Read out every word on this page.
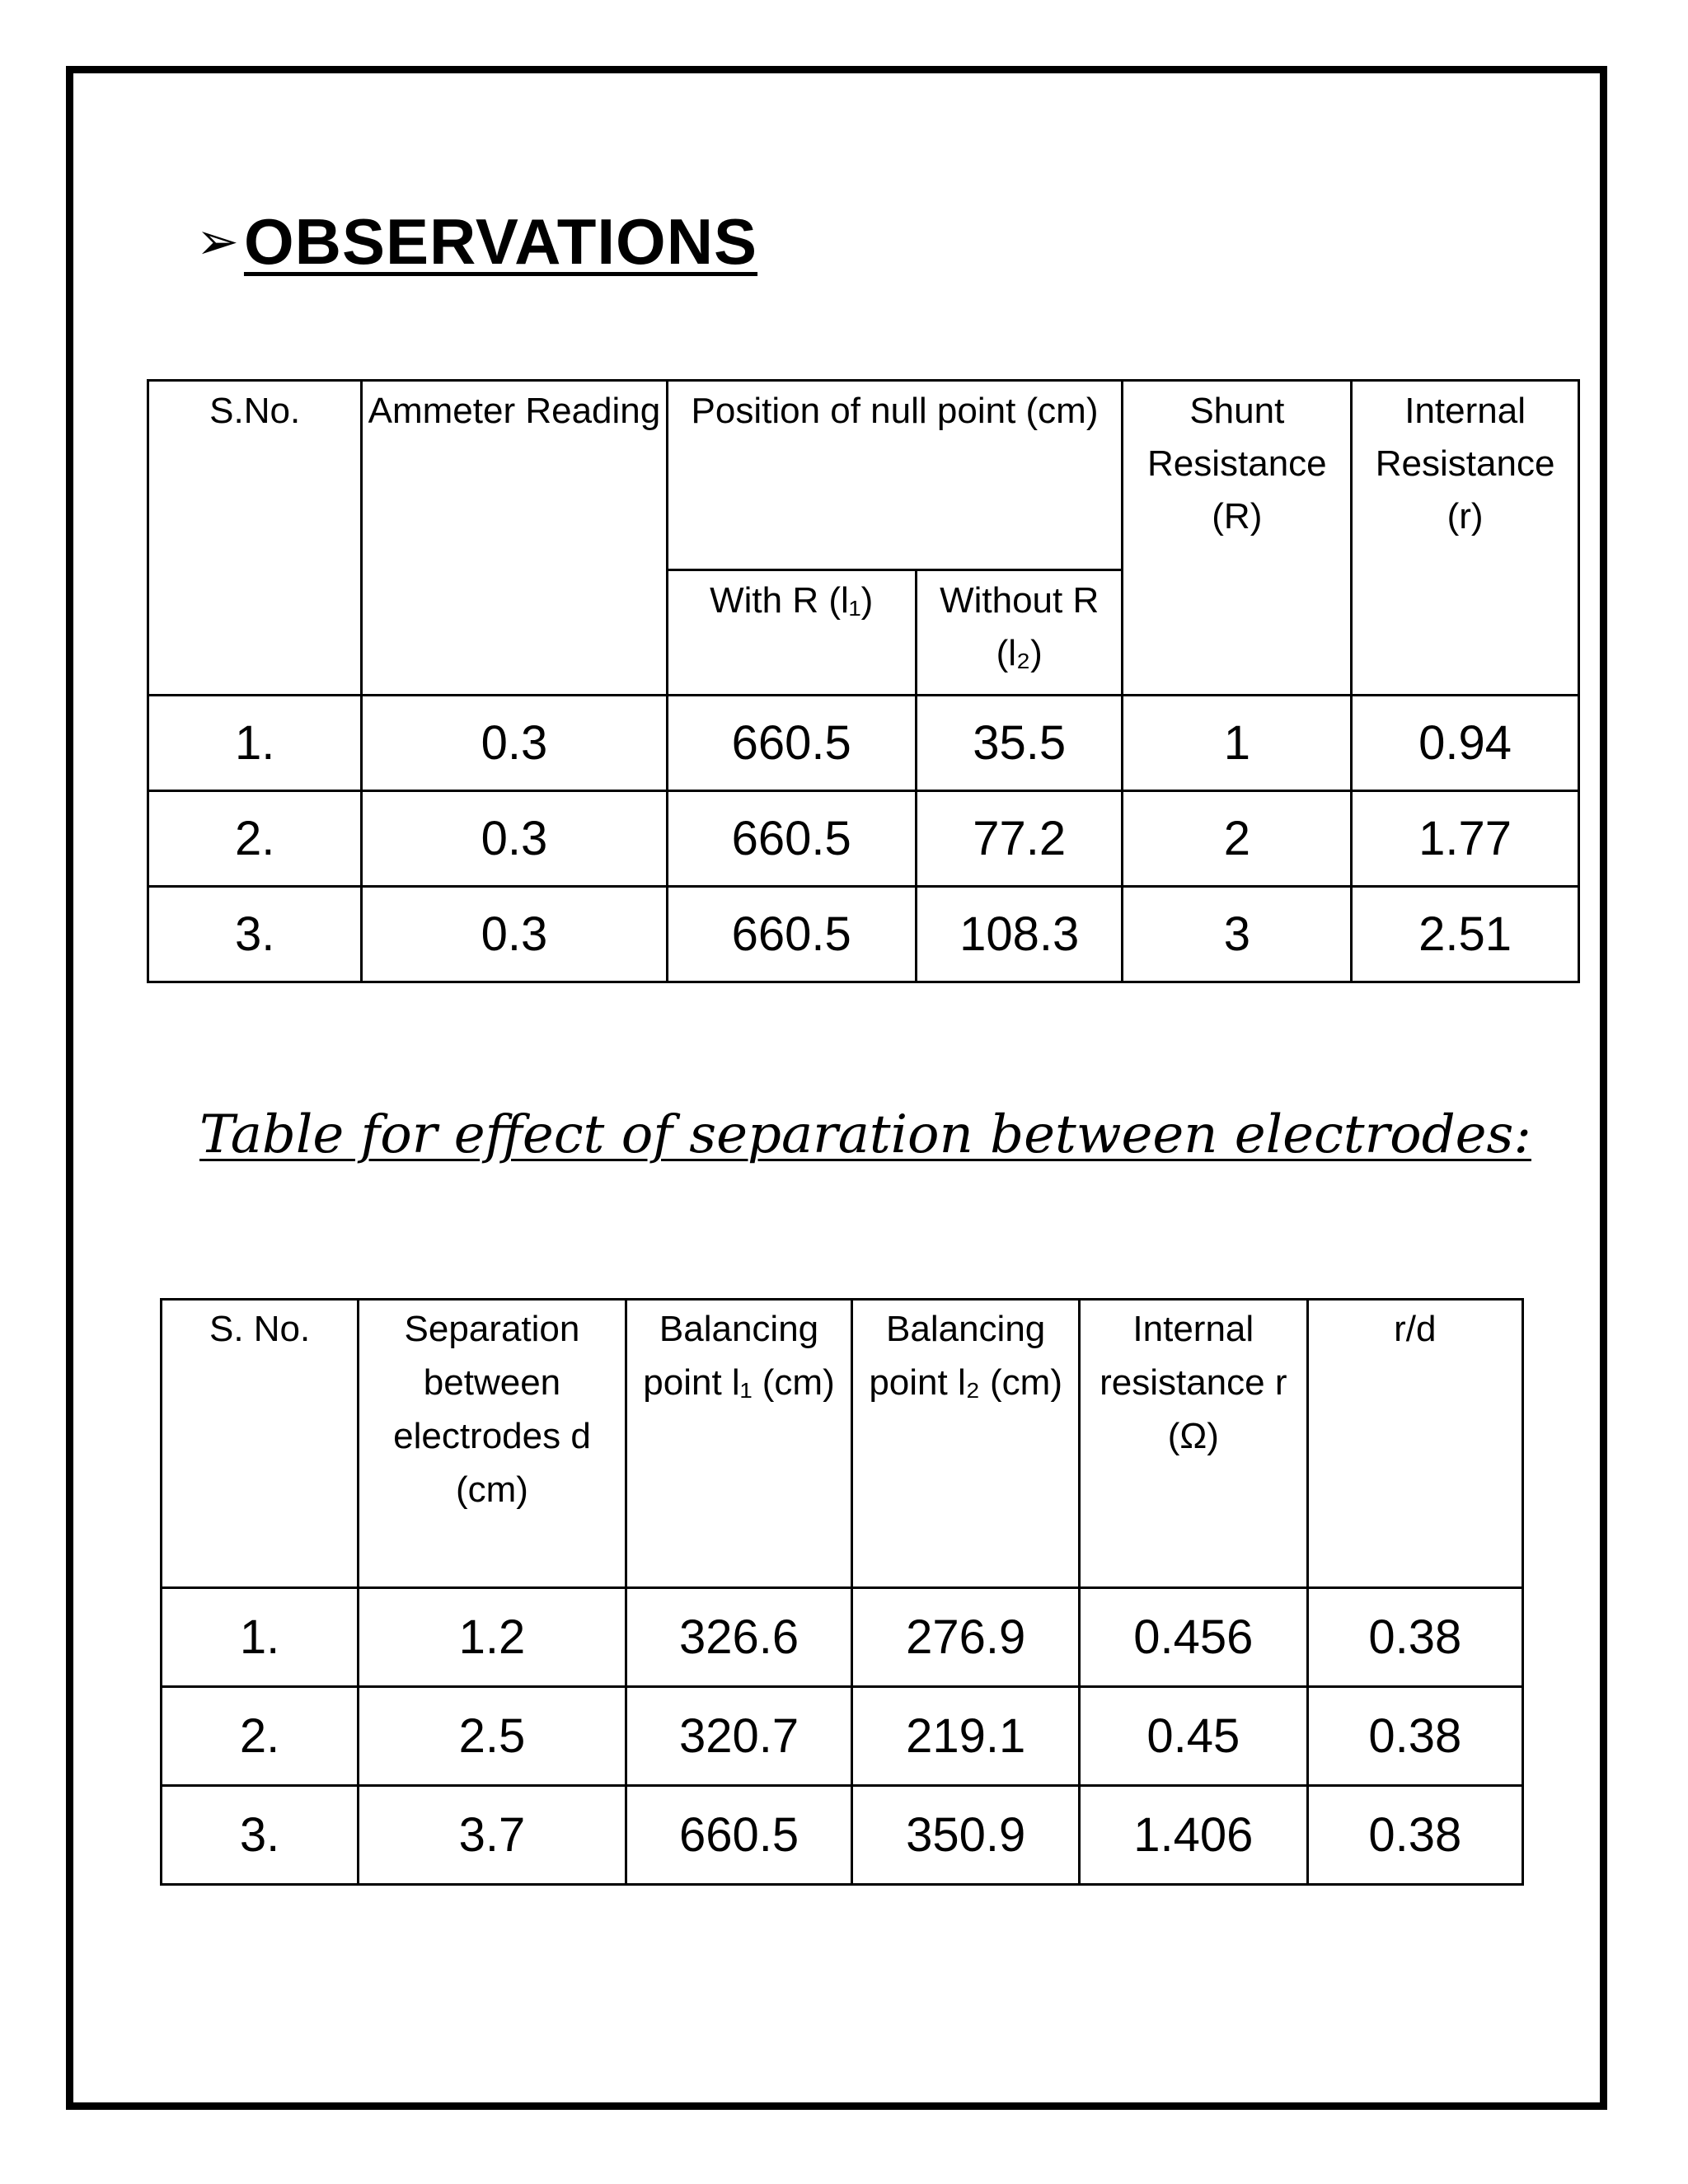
➢ OBSERVATIONS
S.No.	Ammeter Reading	Position of null point (cm)		Shunt Resistance (R)	Internal Resistance (r)
		With R (l₁)	Without R (l₂)		
1.	0.3	660.5	35.5	1	0.94
2.	0.3	660.5	77.2	2	1.77
3.	0.3	660.5	108.3	3	2.51
Table for effect of separation between electrodes:
S. No.	Separation between electrodes d (cm)	Balancing point l₁ (cm)	Balancing point l₂ (cm)	Internal resistance r (Ω)	r/d
1.	1.2	326.6	276.9	0.456	0.38
2.	2.5	320.7	219.1	0.45	0.38
3.	3.7	660.5	350.9	1.406	0.38
